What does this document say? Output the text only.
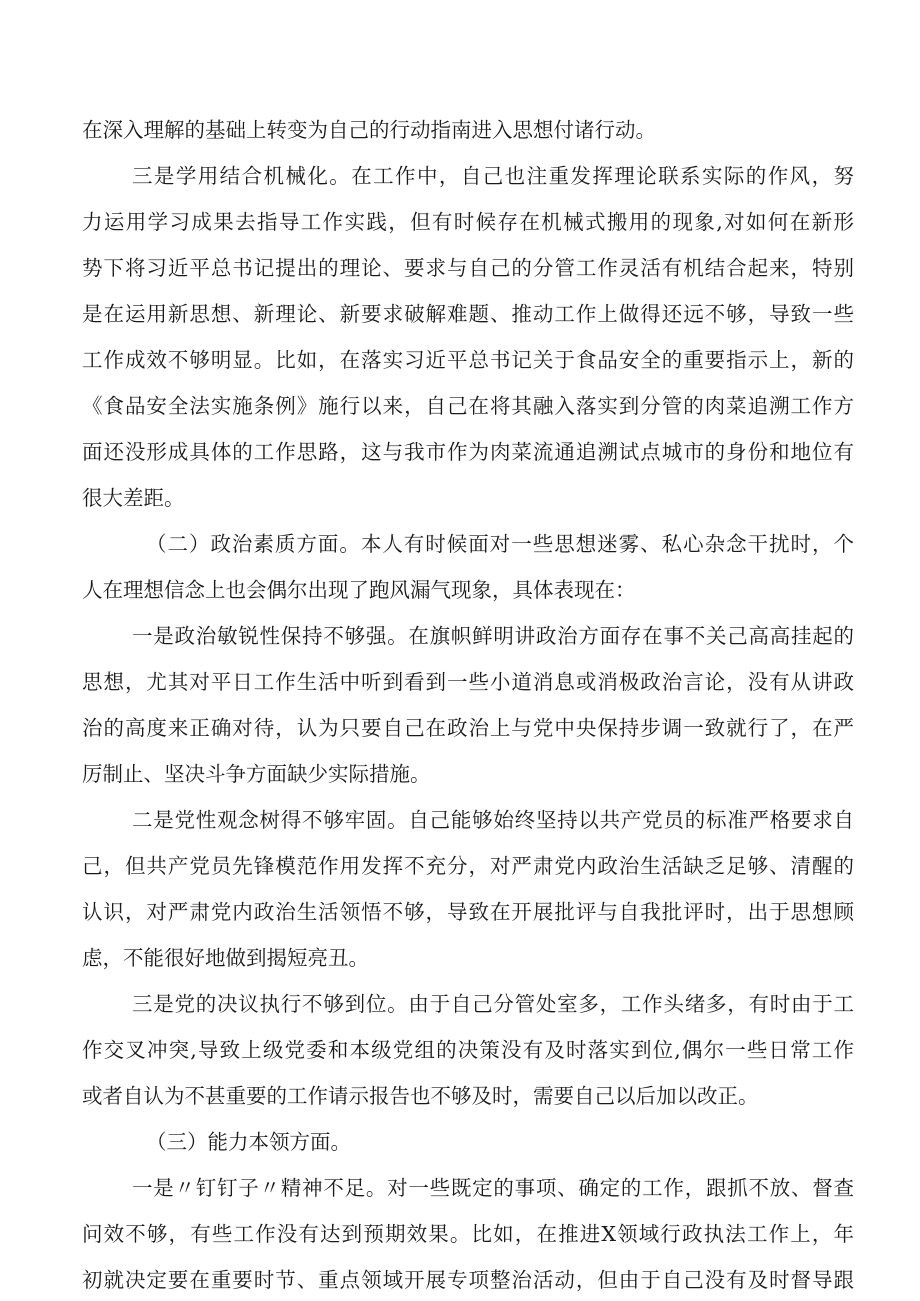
在深入理解的基础上转变为自己的行动指南进入思想付诸行动。
三是学用结合机械化。在工作中，自己也注重发挥理论联系实际的作风，努
力运用学习成果去指导工作实践，但有时候存在机械式搬用的现象,对如何在新形
势下将习近平总书记提出的理论、要求与自己的分管工作灵活有机结合起来，特别
是在运用新思想、新理论、新要求破解难题、推动工作上做得还远不够，导致一些
工作成效不够明显。比如，在落实习近平总书记关于食品安全的重要指示上，新的
《食品安全法实施条例》施行以来，自己在将其融入落实到分管的肉菜追溯工作方
面还没形成具体的工作思路，这与我市作为肉菜流通追溯试点城市的身份和地位有
很大差距。
（二）政治素质方面。本人有时候面对一些思想迷雾、私心杂念干扰时，个
人在理想信念上也会偶尔出现了跑风漏气现象，具体表现在：
一是政治敏锐性保持不够强。在旗帜鲜明讲政治方面存在事不关己高高挂起的
思想，尤其对平日工作生活中听到看到一些小道消息或消极政治言论，没有从讲政
治的高度来正确对待，认为只要自己在政治上与党中央保持步调一致就行了，在严
厉制止、坚决斗争方面缺少实际措施。
二是党性观念树得不够牢固。自己能够始终坚持以共产党员的标准严格要求自
己，但共产党员先锋模范作用发挥不充分，对严肃党内政治生活缺乏足够、清醒的
认识，对严肃党内政治生活领悟不够，导致在开展批评与自我批评时，出于思想顾
虑，不能很好地做到揭短亮丑。
三是党的决议执行不够到位。由于自己分管处室多，工作头绪多，有时由于工
作交叉冲突,导致上级党委和本级党组的决策没有及时落实到位,偶尔一些日常工作
或者自认为不甚重要的工作请示报告也不够及时，需要自己以后加以改正。
（三）能力本领方面。
一是〃钉钉子〃精神不足。对一些既定的事项、确定的工作，跟抓不放、督查
问效不够，有些工作没有达到预期效果。比如，在推进X领域行政执法工作上，年
初就决定要在重要时节、重点领域开展专项整治活动，但由于自己没有及时督导跟
